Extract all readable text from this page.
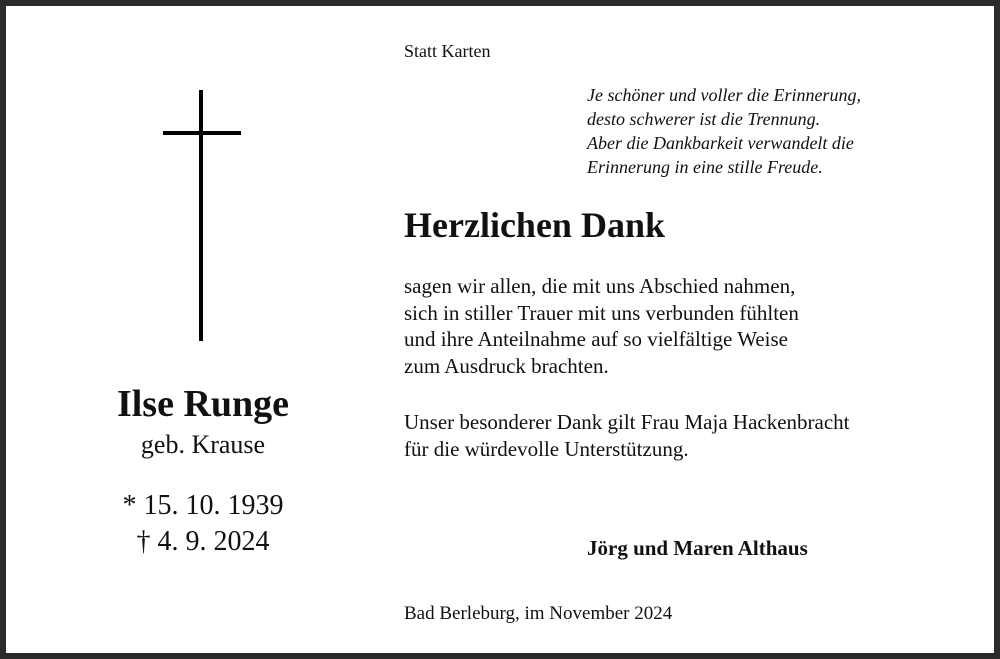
Ilse Runge
geb. Krause
* 15. 10. 1939
† 4. 9. 2024
Statt Karten
Je schöner und voller die Erinnerung,
desto schwerer ist die Trennung.
Aber die Dankbarkeit verwandelt die
Erinnerung in eine stille Freude.
Herzlichen Dank
sagen wir allen, die mit uns Abschied nahmen,
sich in stiller Trauer mit uns verbunden fühlten
und ihre Anteilnahme auf so vielfältige Weise
zum Ausdruck brachten.
Unser besonderer Dank gilt Frau Maja Hackenbracht
für die würdevolle Unterstützung.
Jörg und Maren Althaus
Bad Berleburg, im November 2024
